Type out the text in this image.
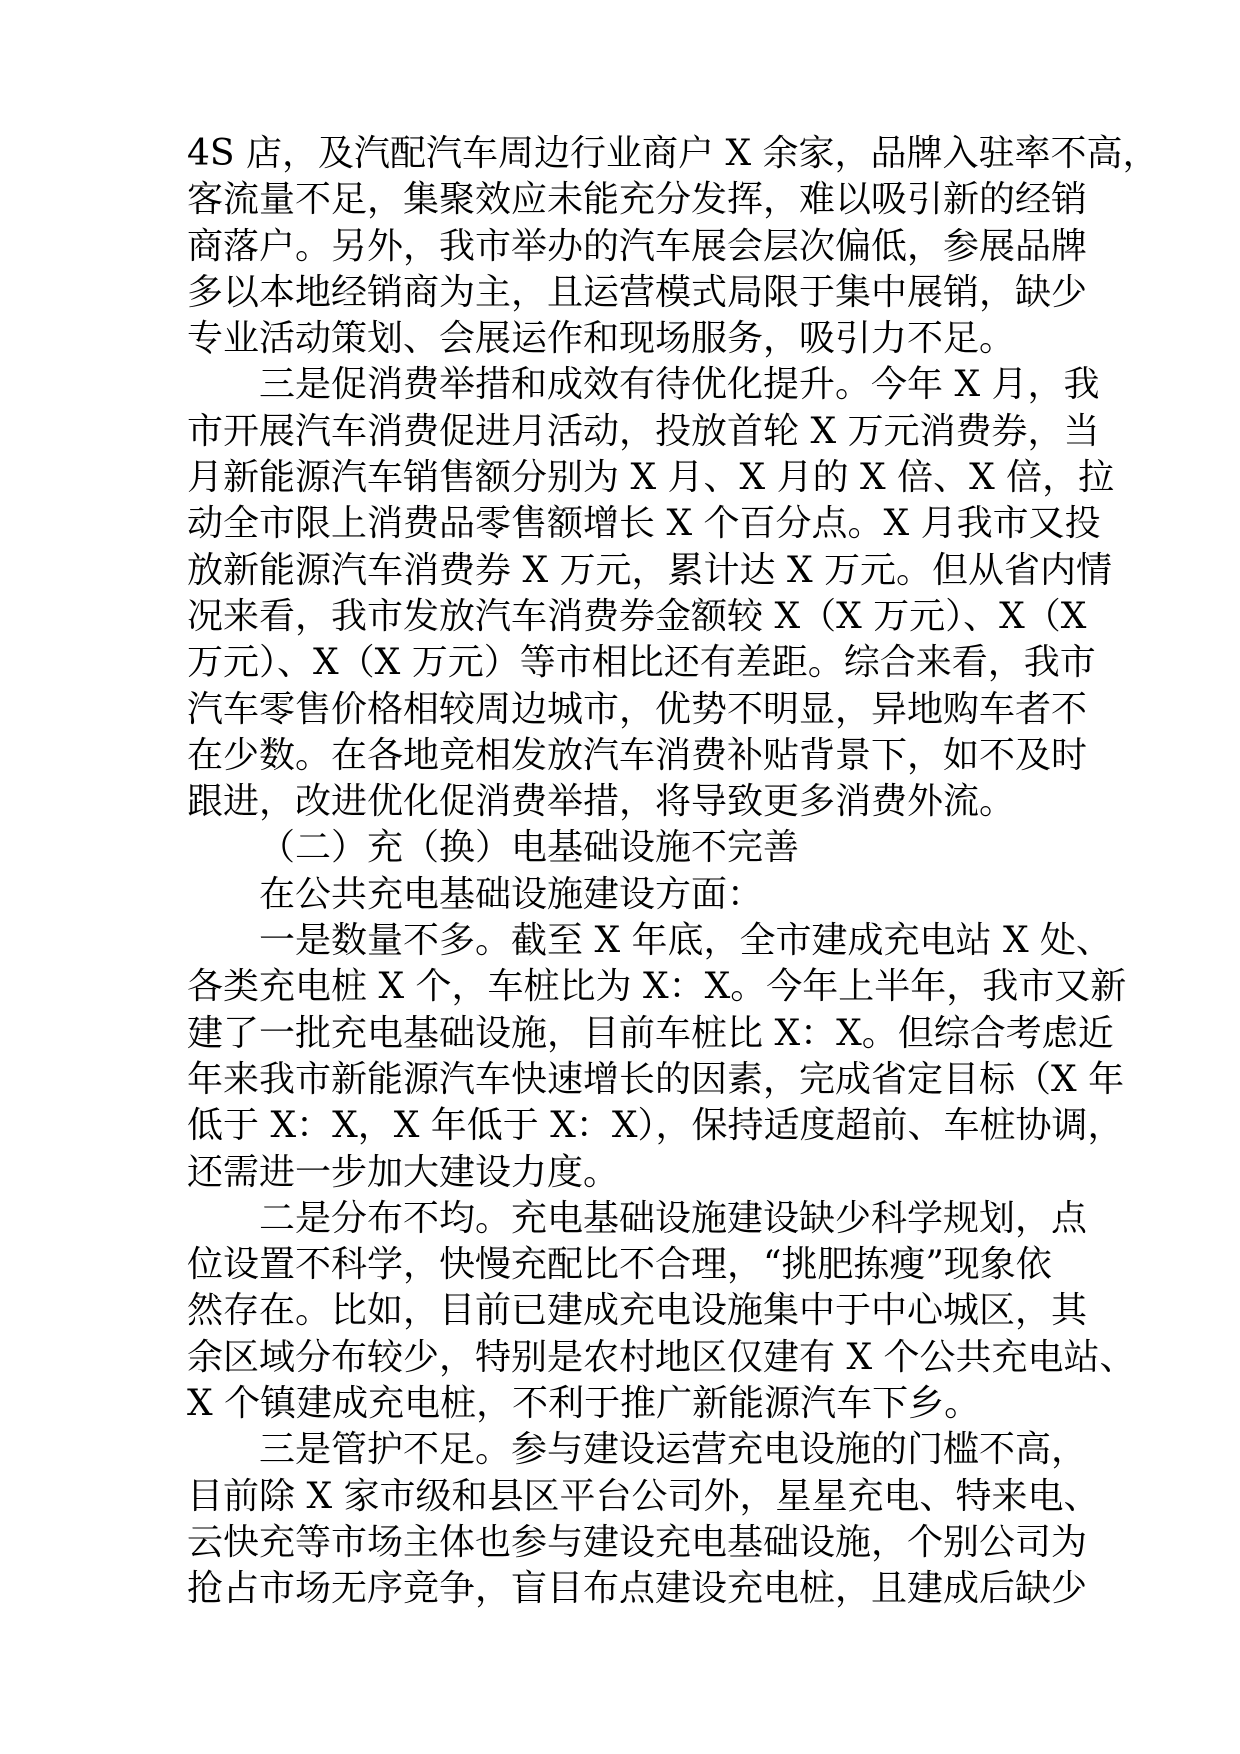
4S 店，及汽配汽车周边行业商户 X 余家，品牌入驻率不高，
客流量不足，集聚效应未能充分发挥，难以吸引新的经销
商落户。另外，我市举办的汽车展会层次偏低，参展品牌
多以本地经销商为主，且运营模式局限于集中展销，缺少
专业活动策划、会展运作和现场服务，吸引力不足。
三是促消费举措和成效有待优化提升。今年 X 月，我
市开展汽车消费促进月活动，投放首轮 X 万元消费券，当
月新能源汽车销售额分别为 X 月、X 月的 X 倍、X 倍，拉
动全市限上消费品零售额增长 X 个百分点。X 月我市又投
放新能源汽车消费券 X 万元，累计达 X 万元。但从省内情
况来看，我市发放汽车消费券金额较 X（X 万元）、X（X
万元）、X（X 万元）等市相比还有差距。综合来看，我市
汽车零售价格相较周边城市，优势不明显，异地购车者不
在少数。在各地竞相发放汽车消费补贴背景下，如不及时
跟进，改进优化促消费举措，将导致更多消费外流。
（二）充（换）电基础设施不完善
在公共充电基础设施建设方面：
一是数量不多。截至 X 年底，全市建成充电站 X 处、
各类充电桩 X 个，车桩比为 X：X。今年上半年，我市又新
建了一批充电基础设施，目前车桩比 X：X。但综合考虑近
年来我市新能源汽车快速增长的因素，完成省定目标（X 年
低于 X：X，X 年低于 X：X），保持适度超前、车桩协调，
还需进一步加大建设力度。
二是分布不均。充电基础设施建设缺少科学规划，点
位设置不科学，快慢充配比不合理，“挑肥拣瘦”现象依
然存在。比如，目前已建成充电设施集中于中心城区，其
余区域分布较少，特别是农村地区仅建有 X 个公共充电站、
X 个镇建成充电桩，不利于推广新能源汽车下乡。
三是管护不足。参与建设运营充电设施的门槛不高，
目前除 X 家市级和县区平台公司外，星星充电、特来电、
云快充等市场主体也参与建设充电基础设施，个别公司为
抢占市场无序竞争，盲目布点建设充电桩，且建成后缺少
